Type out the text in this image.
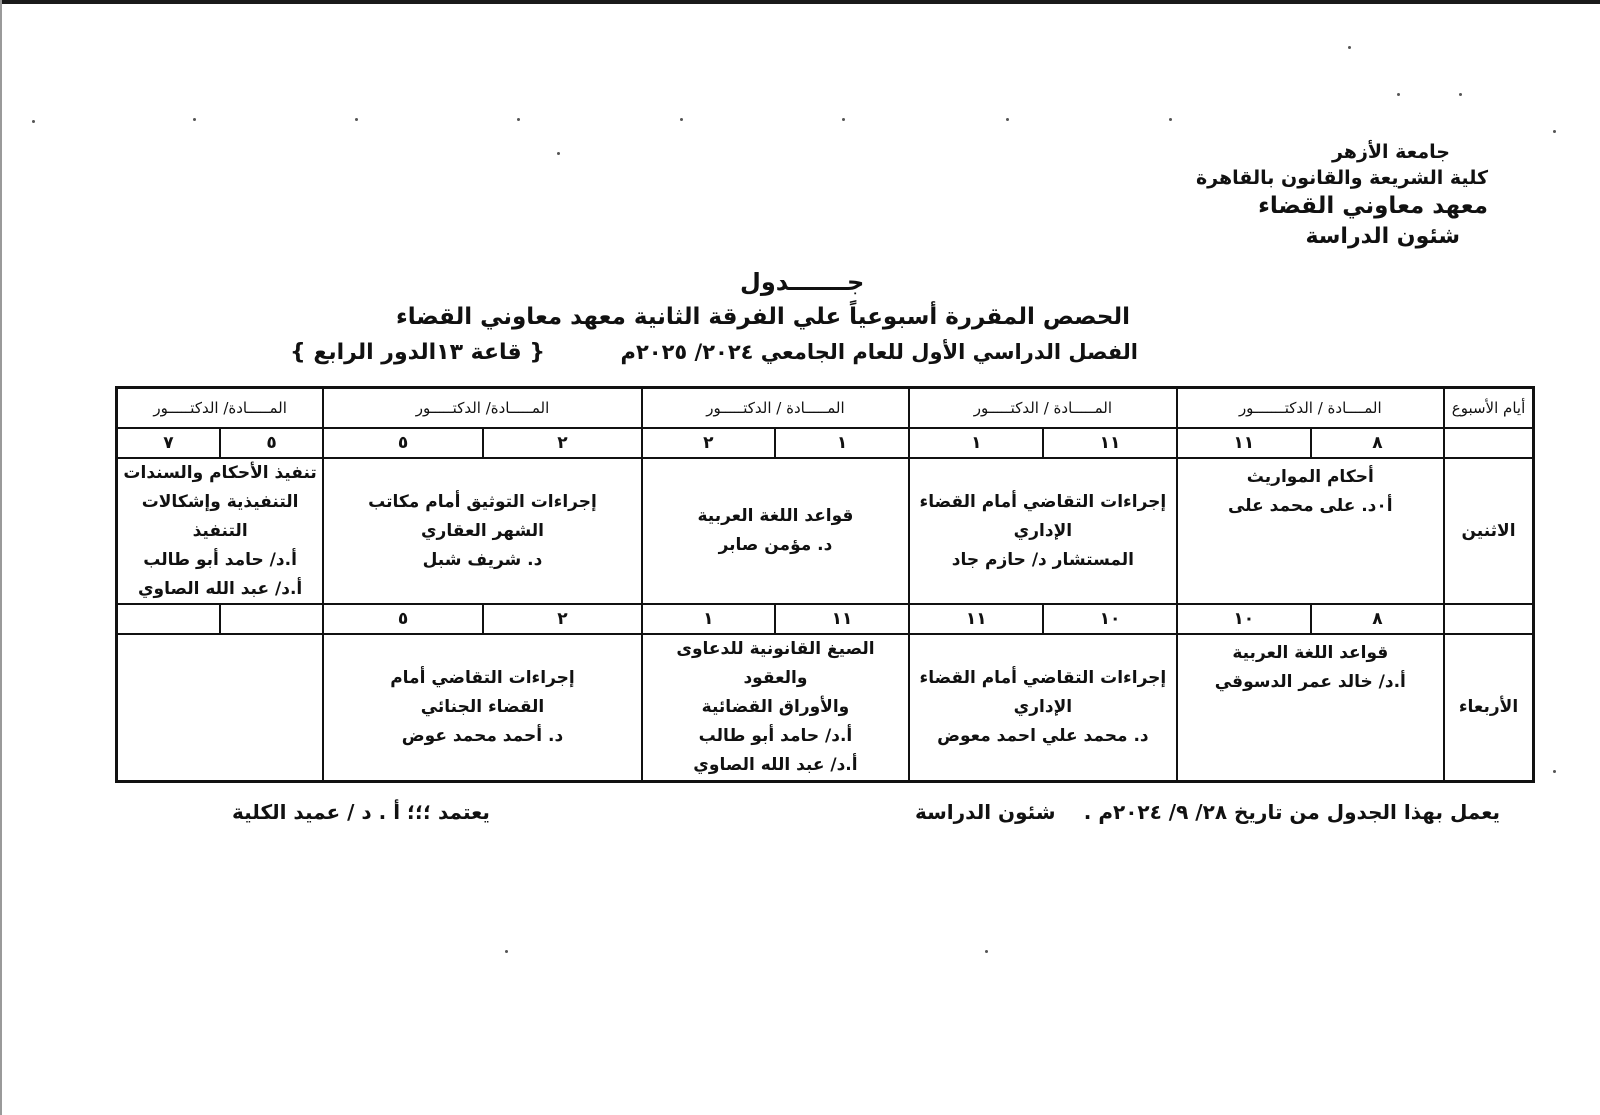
جامعة الأزهر
كلية الشريعة والقانون بالقاهرة
معهد معاوني القضاء
شئون الدراسة
جـــــــدول
الحصص المقررة أسبوعياً علي الفرقة الثانية معهد معاوني القضاء
الفصل الدراسي الأول للعام الجامعي ٢٠٢٤/ ٢٠٢٥م
{ قاعة ١٣الدور الرابع }
أيام الأسبوع	المــــادة / الدكتـــــــور		المـــــادة / الدكتـــــور		المـــــادة / الدكتـــــور		المـــــادة/ الدكتـــــور		المـــــادة/ الدكتـــــور	
	٨	١١	١١	١	١	٢	٢	٥	٥	٧
الاثنين	أحكام المواريث
أ٠د. على محمد على		إجراءات التقاضي أمام القضاء
الإداري
المستشار د/ حازم جاد		قواعد اللغة العربية
د. مؤمن صابر		إجراءات التوثيق أمام مكاتب
الشهر العقاري
د. شريف شبل		تنفيذ الأحكام والسندات
التنفيذية وإشكالات
التنفيذ
أ.د/ حامد أبو طالب
أ.د/ عبد الله الصاوي	

	٨	١٠	١٠	١١	١١	١	٢	٥		
الأربعاء	قواعد اللغة العربية
أ.د/ خالد عمر الدسوقي		إجراءات التقاضي أمام القضاء
الإداري
د. محمد علي احمد معوض		الصيغ القانونية للدعاوى والعقود
والأوراق القضائية
أ.د/ حامد أبو طالب
أ.د/ عبد الله الصاوي		إجراءات التقاضي أمام
القضاء الجنائي
د. أحمد محمد عوض			

يعمل بهذا الجدول من تاريخ ٢٨/ ٩/ ٢٠٢٤م .
شئون الدراسة
يعتمد ؛؛؛ أ . د / عميد الكلية
